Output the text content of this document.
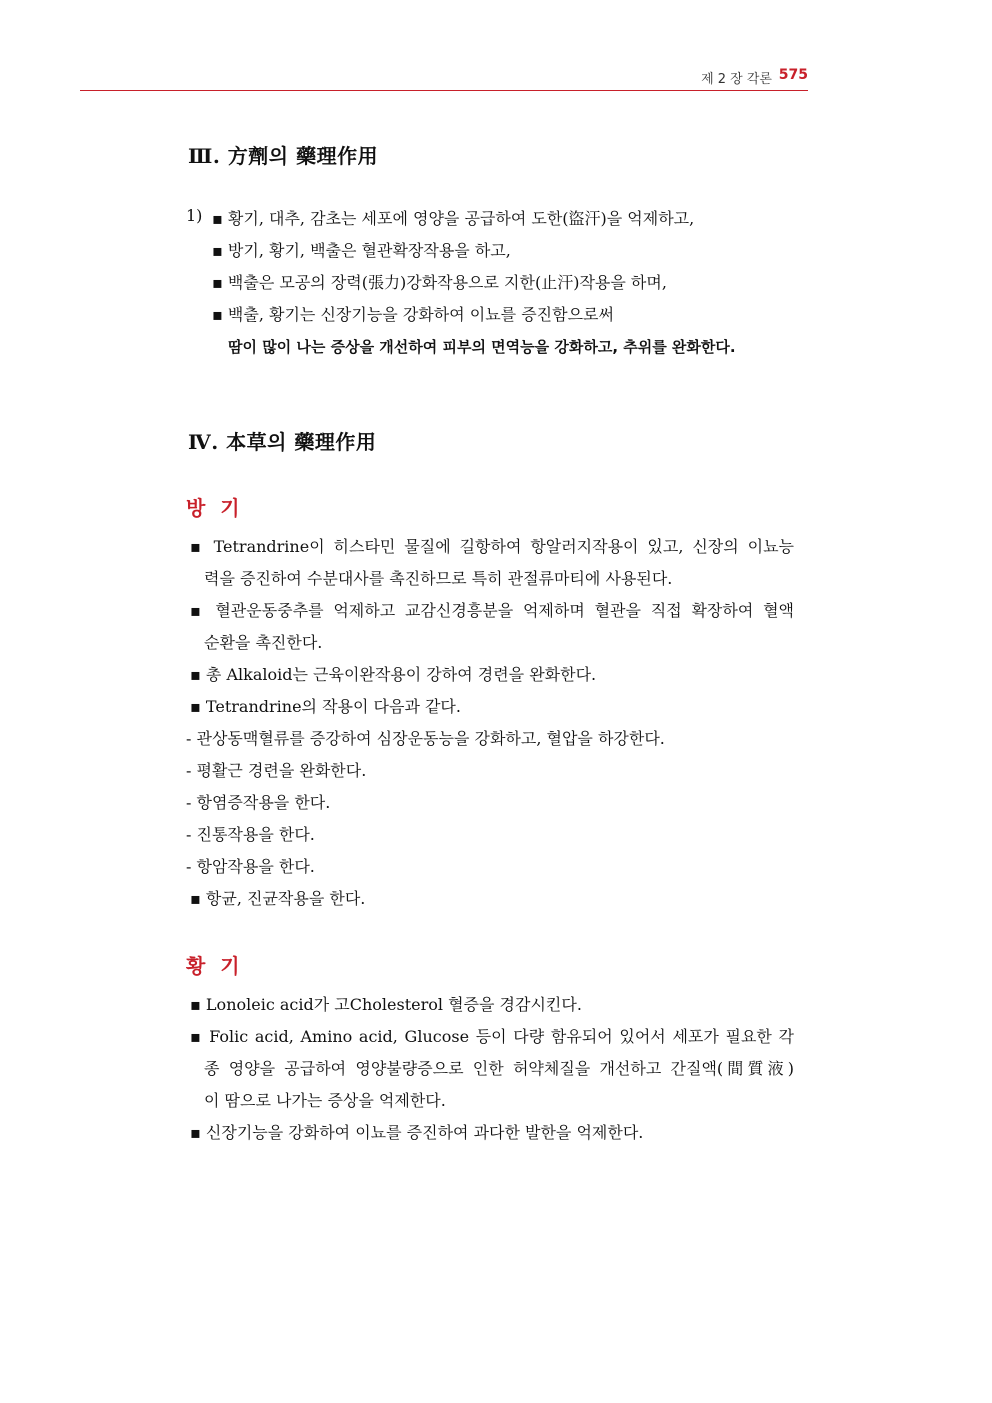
제 2 장 각론 575
Ⅲ. 方劑의 藥理作用
1) ▪ 황기, 대추, 감초는 세포에 영양을 공급하여 도한(盜汗)을 억제하고,
▪ 방기, 황기, 백출은 혈관확장작용을 하고,
▪ 백출은 모공의 장력(張力)강화작용으로 지한(止汗)작용을 하며,
▪ 백출, 황기는 신장기능을 강화하여 이뇨를 증진함으로써
땀이 많이 나는 증상을 개선하여 피부의 면역능을 강화하고, 추위를 완화한다.
Ⅳ. 本草의 藥理作用
방 기
▪ Tetrandrine이 히스타민 물질에 길항하여 항알러지작용이 있고, 신장의 이뇨능
력을 증진하여 수분대사를 촉진하므로 특히 관절류마티에 사용된다.
▪ 혈관운동중추를 억제하고 교감신경흥분을 억제하며 혈관을 직접 확장하여 혈액
순환을 촉진한다.
▪ 총 Alkaloid는 근육이완작용이 강하여 경련을 완화한다.
▪ Tetrandrine의 작용이 다음과 같다.
- 관상동맥혈류를 증강하여 심장운동능을 강화하고, 혈압을 하강한다.
- 평활근 경련을 완화한다.
- 항염증작용을 한다.
- 진통작용을 한다.
- 항암작용을 한다.
▪ 항균, 진균작용을 한다.
황 기
▪ Lonoleic acid가 고Cholesterol 혈증을 경감시킨다.
▪ Folic acid, Amino acid, Glucose 등이 다량 함유되어 있어서 세포가 필요한 각
종 영양을 공급하여 영양불량증으로 인한 허약체질을 개선하고 간질액(間質液)
이 땀으로 나가는 증상을 억제한다.
▪ 신장기능을 강화하여 이뇨를 증진하여 과다한 발한을 억제한다.
